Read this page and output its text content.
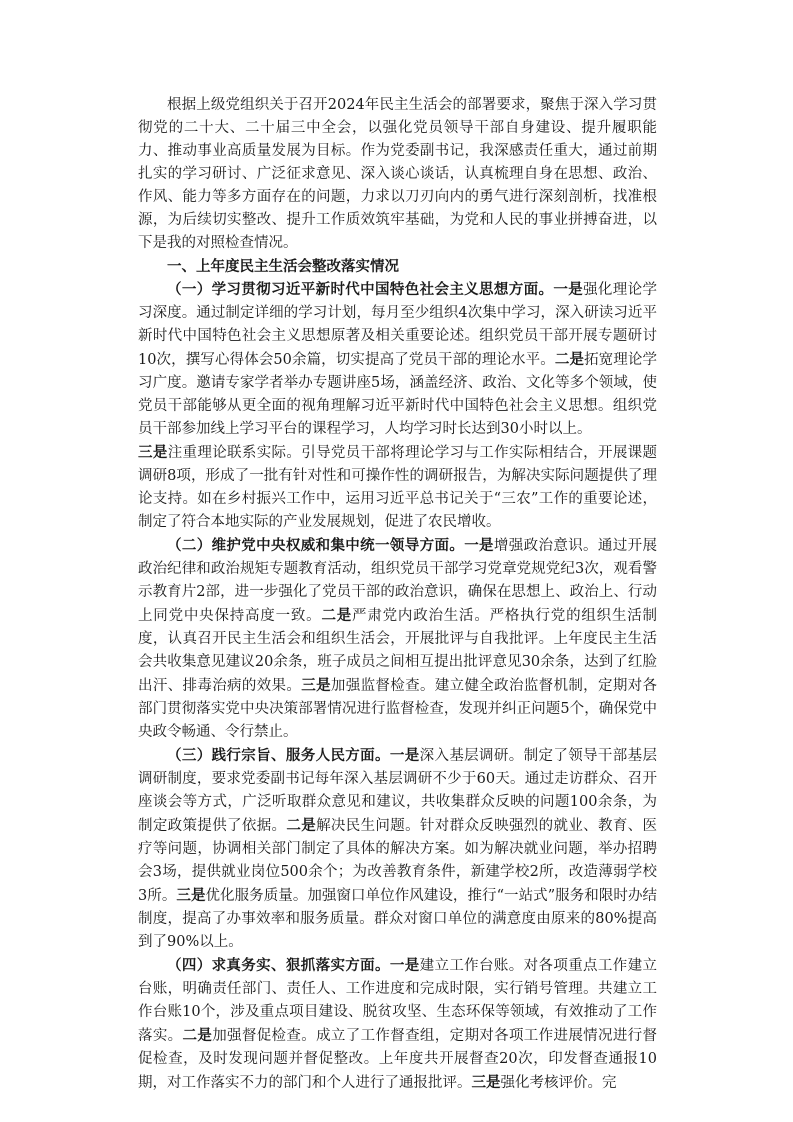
根据上级党组织关于召开2024年民主生活会的部署要求，聚焦于深入学习贯彻党的二十大、二十届三中全会，以强化党员领导干部自身建设、提升履职能力、推动事业高质量发展为目标。作为党委副书记，我深感责任重大，通过前期扎实的学习研讨、广泛征求意见、深入谈心谈话，认真梳理自身在思想、政治、作风、能力等多方面存在的问题，力求以刀刃向内的勇气进行深刻剖析，找准根源，为后续切实整改、提升工作质效筑牢基础，为党和人民的事业拼搏奋进，以下是我的对照检查情况。

一、上年度民主生活会整改落实情况

（一）学习贯彻习近平新时代中国特色社会主义思想方面。一是强化理论学习深度。通过制定详细的学习计划，每月至少组织4次集中学习，深入研读习近平新时代中国特色社会主义思想原著及相关重要论述。组织党员干部开展专题研讨10次，撰写心得体会50余篇，切实提高了党员干部的理论水平。二是拓宽理论学习广度。邀请专家学者举办专题讲座5场，涵盖经济、政治、文化等多个领域，使党员干部能够从更全面的视角理解习近平新时代中国特色社会主义思想。组织党员干部参加线上学习平台的课程学习，人均学习时长达到30小时以上。
三是注重理论联系实际。引导党员干部将理论学习与工作实际相结合，开展课题调研8项，形成了一批有针对性和可操作性的调研报告，为解决实际问题提供了理论支持。如在乡村振兴工作中，运用习近平总书记关于“三农”工作的重要论述，制定了符合本地实际的产业发展规划，促进了农民增收。

（二）维护党中央权威和集中统一领导方面。一是增强政治意识。通过开展政治纪律和政治规矩专题教育活动，组织党员干部学习党章党规党纪3次，观看警示教育片2部，进一步强化了党员干部的政治意识，确保在思想上、政治上、行动上同党中央保持高度一致。二是严肃党内政治生活。严格执行党的组织生活制度，认真召开民主生活会和组织生活会，开展批评与自我批评。上年度民主生活会共收集意见建议20余条，班子成员之间相互提出批评意见30余条，达到了红脸出汗、排毒治病的效果。三是加强监督检查。建立健全政治监督机制，定期对各部门贯彻落实党中央决策部署情况进行监督检查，发现并纠正问题5个，确保党中央政令畅通、令行禁止。

（三）践行宗旨、服务人民方面。一是深入基层调研。制定了领导干部基层调研制度，要求党委副书记每年深入基层调研不少于60天。通过走访群众、召开座谈会等方式，广泛听取群众意见和建议，共收集群众反映的问题100余条，为制定政策提供了依据。二是解决民生问题。针对群众反映强烈的就业、教育、医疗等问题，协调相关部门制定了具体的解决方案。如为解决就业问题，举办招聘会3场，提供就业岗位500余个；为改善教育条件，新建学校2所，改造薄弱学校3所。三是优化服务质量。加强窗口单位作风建设，推行“一站式”服务和限时办结制度，提高了办事效率和服务质量。群众对窗口单位的满意度由原来的80%提高到了90%以上。

（四）求真务实、狠抓落实方面。一是建立工作台账。对各项重点工作建立台账，明确责任部门、责任人、工作进度和完成时限，实行销号管理。共建立工作台账10个，涉及重点项目建设、脱贫攻坚、生态环保等领域，有效推动了工作落实。二是加强督促检查。成立了工作督查组，定期对各项工作进展情况进行督促检查，及时发现问题并督促整改。上年度共开展督查20次，印发督查通报10期，对工作落实不力的部门和个人进行了通报批评。三是强化考核评价。完
